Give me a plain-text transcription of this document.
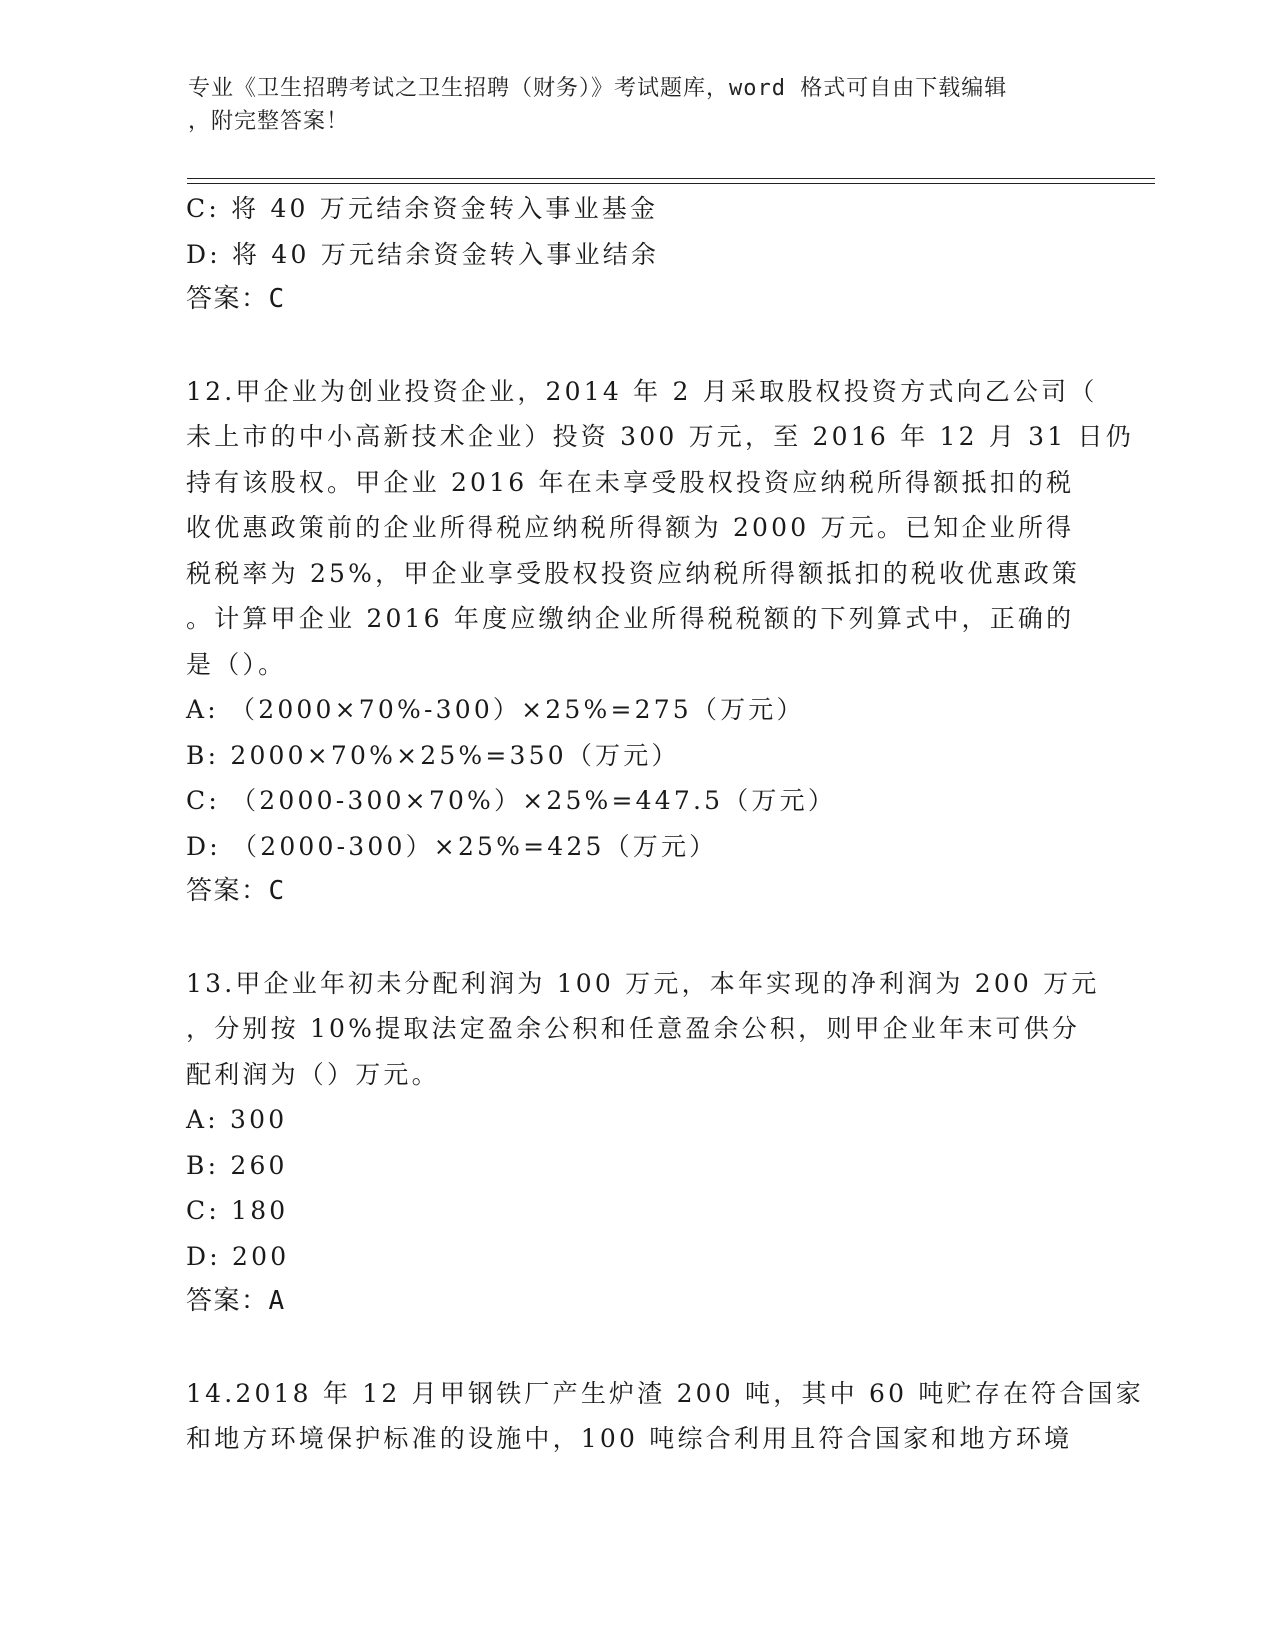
专业《卫生招聘考试之卫生招聘（财务）》考试题库，word 格式可自由下载编辑
，附完整答案！
C: 将 40 万元结余资金转入事业基金
D: 将 40 万元结余资金转入事业结余
答案：C
12.甲企业为创业投资企业，2014 年 2 月采取股权投资方式向乙公司（
未上市的中小高新技术企业）投资 300 万元，至 2016 年 12 月 31 日仍
持有该股权。甲企业 2016 年在未享受股权投资应纳税所得额抵扣的税
收优惠政策前的企业所得税应纳税所得额为 2000 万元。已知企业所得
税税率为 25%，甲企业享受股权投资应纳税所得额抵扣的税收优惠政策
。计算甲企业 2016 年度应缴纳企业所得税税额的下列算式中，正确的
是（）。
A: （2000×70%-300）×25%=275（万元）
B: 2000×70%×25%=350（万元）
C: （2000-300×70%）×25%=447.5（万元）
D: （2000-300）×25%=425（万元）
答案：C
13.甲企业年初未分配利润为 100 万元，本年实现的净利润为 200 万元
，分别按 10%提取法定盈余公积和任意盈余公积，则甲企业年末可供分
配利润为（）万元。
A: 300
B: 260
C: 180
D: 200
答案：A
14.2018 年 12 月甲钢铁厂产生炉渣 200 吨，其中 60 吨贮存在符合国家
和地方环境保护标准的设施中，100 吨综合利用且符合国家和地方环境
